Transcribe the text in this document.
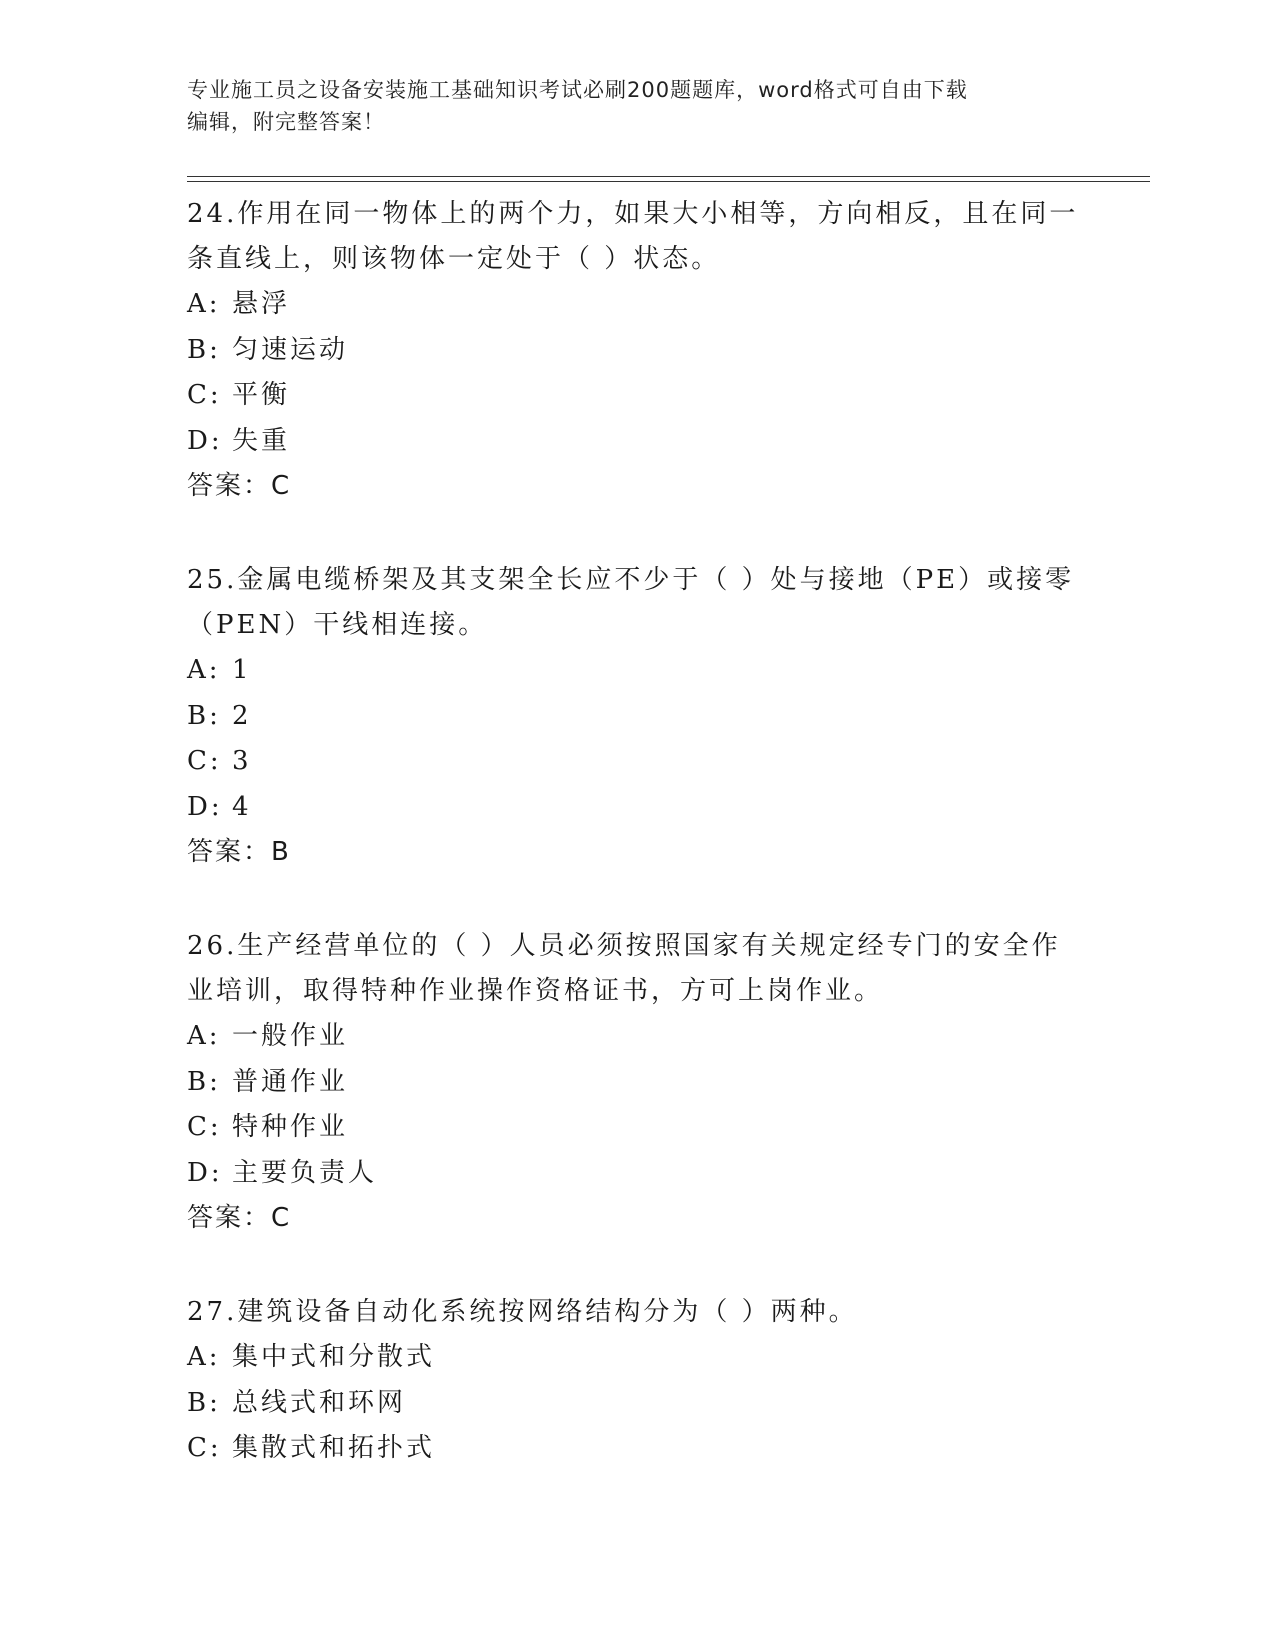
专业施工员之设备安装施工基础知识考试必刷200题题库，word格式可自由下载
编辑，附完整答案！
24.作用在同一物体上的两个力，如果大小相等，方向相反，且在同一条直线上，则该物体一定处于（ ）状态。
A: 悬浮
B: 匀速运动
C: 平衡
D: 失重
答案：C
25.金属电缆桥架及其支架全长应不少于（ ）处与接地（PE）或接零（PEN）干线相连接。
A: 1
B: 2
C: 3
D: 4
答案：B
26.生产经营单位的（ ）人员必须按照国家有关规定经专门的安全作业培训，取得特种作业操作资格证书，方可上岗作业。
A: 一般作业
B: 普通作业
C: 特种作业
D: 主要负责人
答案：C
27.建筑设备自动化系统按网络结构分为（ ）两种。
A: 集中式和分散式
B: 总线式和环网
C: 集散式和拓扑式
